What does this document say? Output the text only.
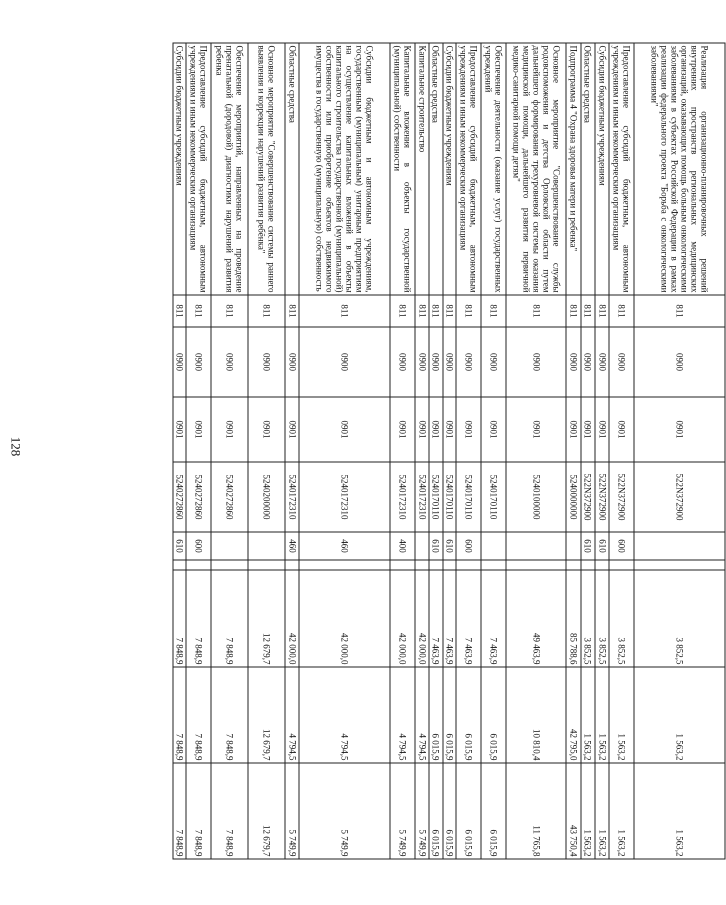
128
Реализация организационно-планировочных решений внутренних пространств региональных медицинских организаций, оказывающих помощь больным онкологическими заболеваниями в субъектах Российской Федерации в рамках реализации федерального проекта "Борьба с онкологическими заболеваниями"	811	0900	0901	522N372900			3 852,5	1 563,2	1 563,2
Предоставление субсидий бюджетным, автономным учреждениям и иным некоммерческим организациям	811	0900	0901	522N372900	600		3 852,5	1 563,2	1 563,2
Субсидии бюджетным учреждениям	811	0900	0901	522N372900	610		3 852,5	1 563,2	1 563,2
Областные средства	811	0900	0901	522N372900	610		3 852,5	1 563,2	1 563,2
Подпрограмма 4 "Охрана здоровья матери и ребенка"	811	0900	0901	5240000000			85 788,6	42 795,0	43 750,4
Основное мероприятие "Совершенствование службы родовспоможения и детства Орловской области путем дальнейшего формирования трехуровневой системы оказания медицинской помощи, дальнейшего развития первичной медико-санитарной помощи детям"	811	0900	0901	5240100000			49 463,9	10 810,4	11 765,8
Обеспечение деятельности (оказание услуг) государственных учреждений	811	0900	0901	5240170110			7 463,9	6 015,9	6 015,9
Предоставление субсидий бюджетным, автономным учреждениям и иным некоммерческим организациям	811	0900	0901	5240170110	600		7 463,9	6 015,9	6 015,9
Субсидии бюджетным учреждениям	811	0900	0901	5240170110	610		7 463,9	6 015,9	6 015,9
Областные средства	811	0900	0901	5240170110	610		7 463,9	6 015,9	6 015,9
Капитальное строительство	811	0900	0901	5240172310			42 000,0	4 794,5	5 749,9
Капитальные вложения в объекты государственной (муниципальной) собственности	811	0900	0901	5240172310	400		42 000,0	4 794,5	5 749,9
Субсидии бюджетным и автономным учреждениям, государственным (муниципальным) унитарным предприятиям на осуществление капитальных вложений в объекты капитального строительства государственной (муниципальной) собственности или приобретение объектов недвижимого имущества в государственную (муниципальную) собственность	811	0900	0901	5240172310	460		42 000,0	4 794,5	5 749,9
Областные средства	811	0900	0901	5240172310	460		42 000,0	4 794,5	5 749,9
Основное мероприятие "Совершенствование системы раннего выявления и коррекции нарушений развития ребёнка"	811	0900	0901	5240200000			12 679,7	12 679,7	12 679,7
Обеспечение мероприятий, направленных на проведение пренатальной (дородовой) диагностики нарушений развития ребенка	811	0900	0901	5240272860			7 848,9	7 848,9	7 848,9
Предоставление субсидий бюджетным, автономным учреждениям и иным некоммерческим организациям	811	0900	0901	5240272860	600		7 848,9	7 848,9	7 848,9
Субсидии бюджетным учреждениям	811	0900	0901	5240272860	610		7 848,9	7 848,9	7 848,9
